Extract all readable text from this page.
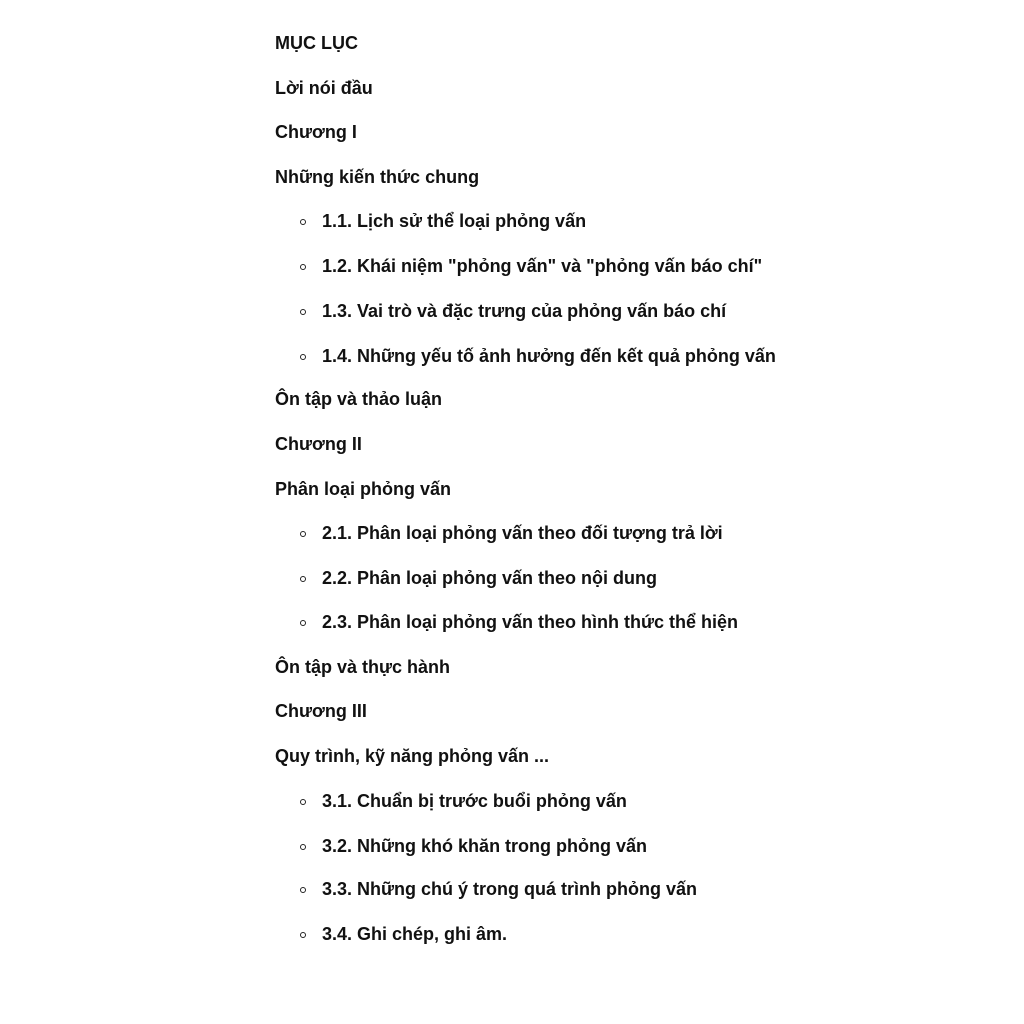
MỤC LỤC
Lời nói đầu
Chương I
Những kiến thức chung
1.1. Lịch sử thể loại phỏng vấn
1.2. Khái niệm "phỏng vấn" và "phỏng vấn báo chí"
1.3. Vai trò và đặc trưng của phỏng vấn báo chí
1.4. Những yếu tố ảnh hưởng đến kết quả phỏng vấn
Ôn tập và thảo luận
Chương II
Phân loại phỏng vấn
2.1. Phân loại phỏng vấn theo đối tượng trả lời
2.2. Phân loại phỏng vấn theo nội dung
2.3. Phân loại phỏng vấn theo hình thức thể hiện
Ôn tập và thực hành
Chương III
Quy trình, kỹ năng phỏng vấn ...
3.1. Chuẩn bị trước buổi phỏng vấn
3.2. Những khó khăn trong phỏng vấn
3.3. Những chú ý trong quá trình phỏng vấn
3.4. Ghi chép, ghi âm.
